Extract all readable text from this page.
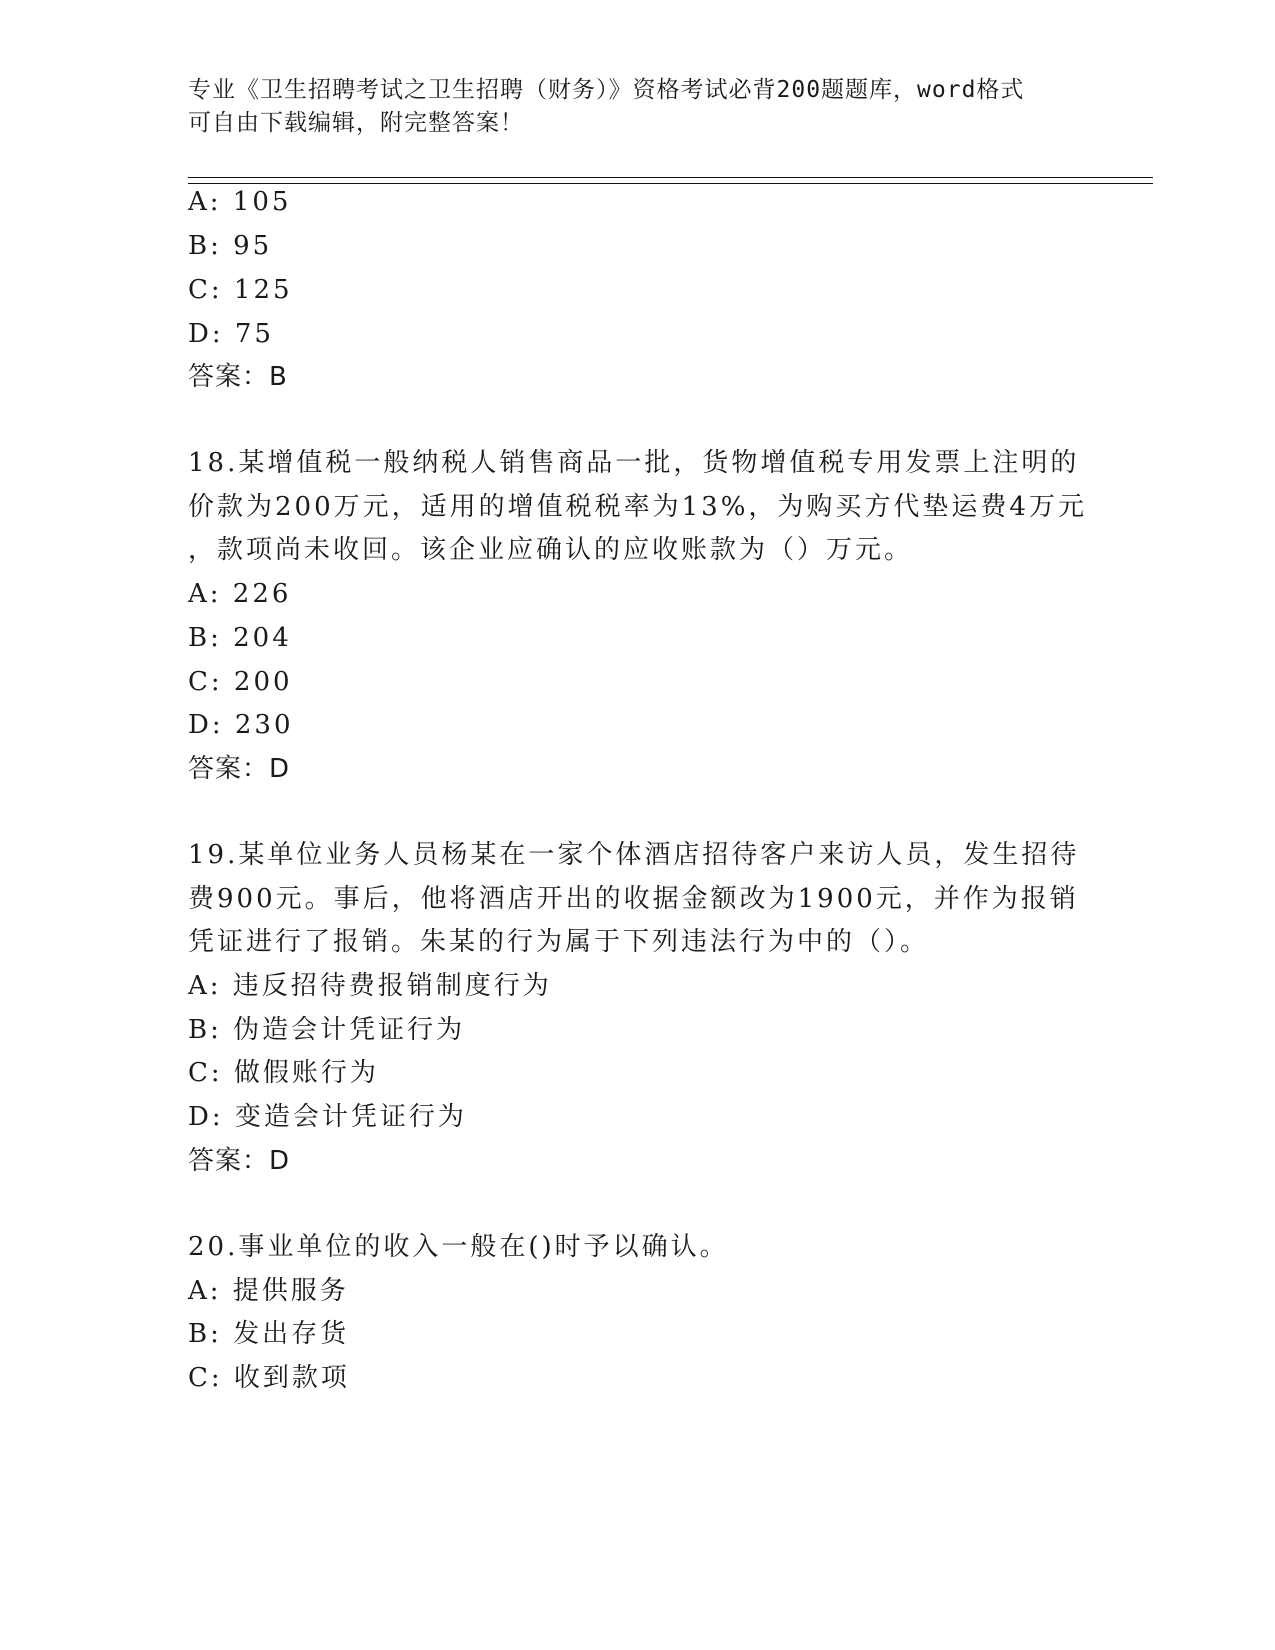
专业《卫生招聘考试之卫生招聘（财务）》资格考试必背200题题库，word格式
可自由下载编辑，附完整答案！
A: 105
B: 95
C: 125
D: 75
答案：B
18.某增值税一般纳税人销售商品一批，货物增值税专用发票上注明的
价款为200万元，适用的增值税税率为13%，为购买方代垫运费4万元
，款项尚未收回。该企业应确认的应收账款为（）万元。
A: 226
B: 204
C: 200
D: 230
答案：D
19.某单位业务人员杨某在一家个体酒店招待客户来访人员，发生招待
费900元。事后，他将酒店开出的收据金额改为1900元，并作为报销
凭证进行了报销。朱某的行为属于下列违法行为中的（）。
A: 违反招待费报销制度行为
B: 伪造会计凭证行为
C: 做假账行为
D: 变造会计凭证行为
答案：D
20.事业单位的收入一般在()时予以确认。
A: 提供服务
B: 发出存货
C: 收到款项
